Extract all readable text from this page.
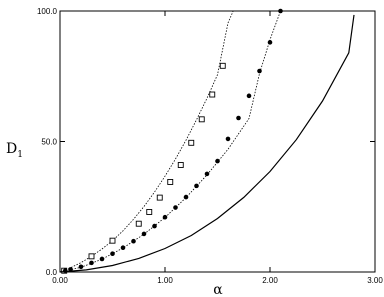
0.00	1.00	2.00	3.00
0.0
50.0
100.0
α
$D_1$
